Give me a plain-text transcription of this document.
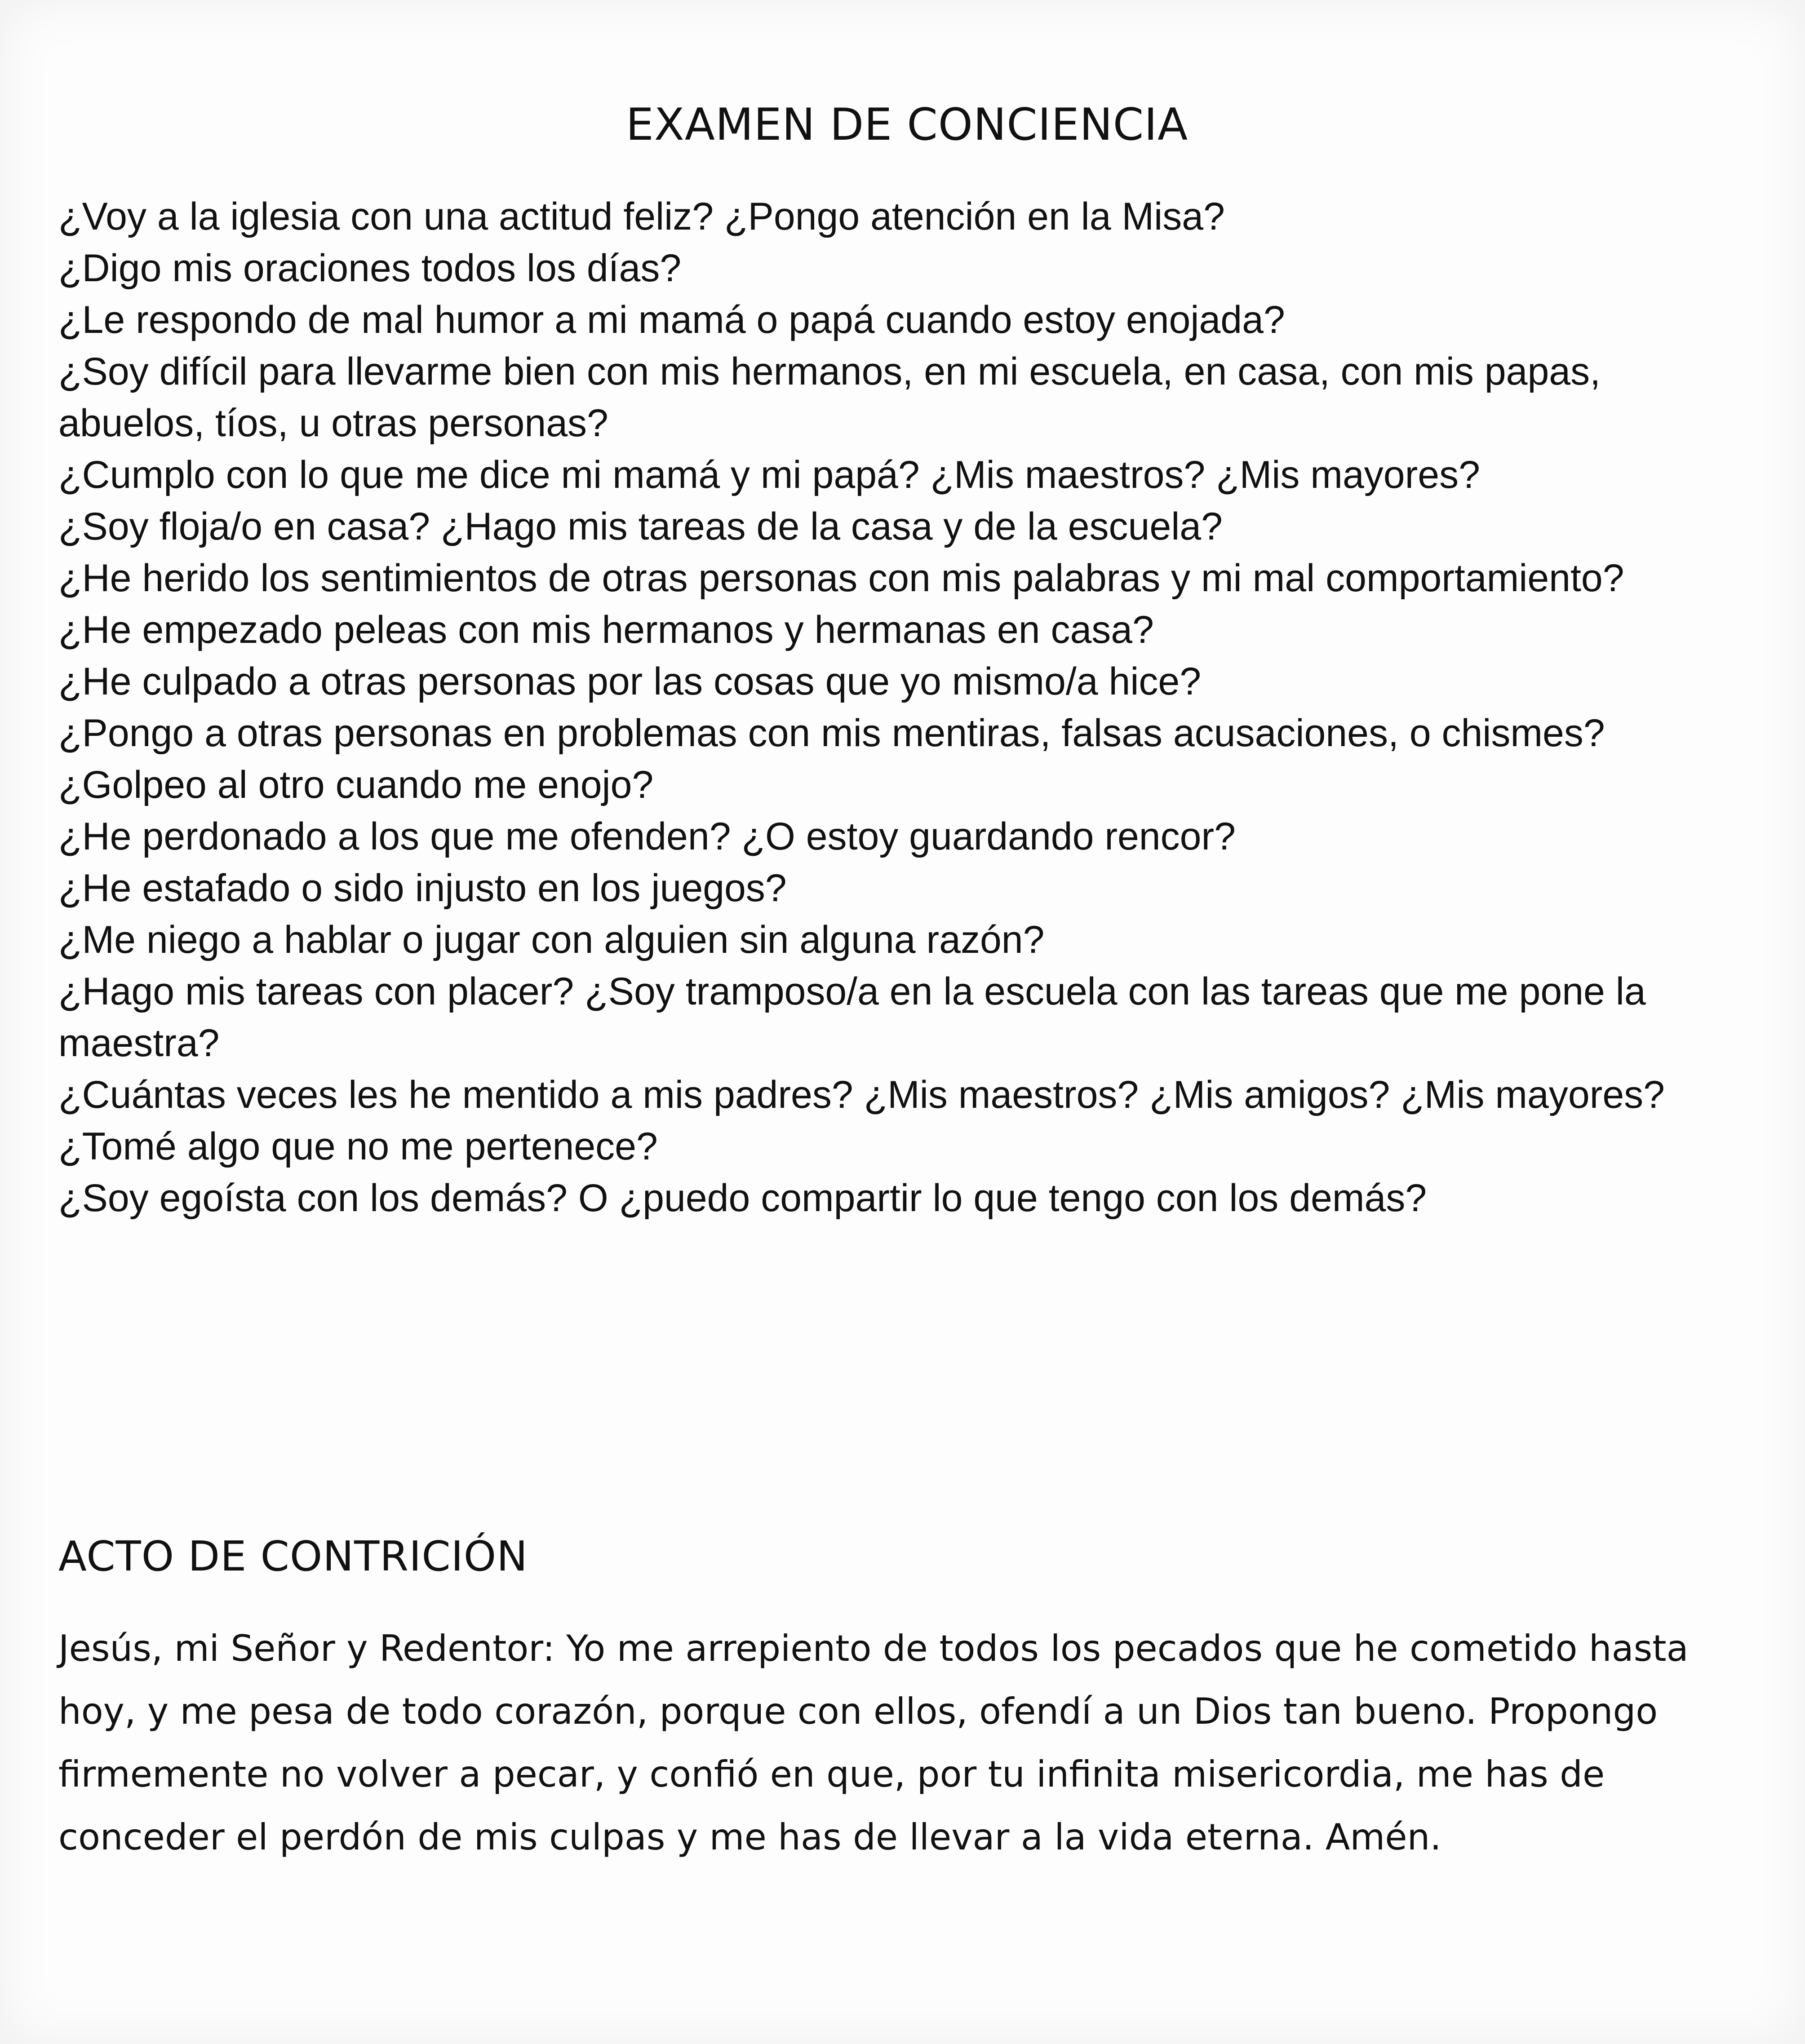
EXAMEN DE CONCIENCIA
¿Voy a la iglesia con una actitud feliz? ¿Pongo atención en la Misa?
¿Digo mis oraciones todos los días?
¿Le respondo de mal humor a mi mamá o papá cuando estoy enojada?
¿Soy difícil para llevarme bien con mis hermanos, en mi escuela, en casa, con mis papas, abuelos, tíos, u otras personas?
¿Cumplo con lo que me dice mi mamá y mi papá? ¿Mis maestros? ¿Mis mayores?
¿Soy floja/o en casa? ¿Hago mis tareas de la casa y de la escuela?
¿He herido los sentimientos de otras personas con mis palabras y mi mal comportamiento?
¿He empezado peleas con mis hermanos y hermanas en casa?
¿He culpado a otras personas por las cosas que yo mismo/a hice?
¿Pongo a otras personas en problemas con mis mentiras, falsas acusaciones, o chismes?
¿Golpeo al otro cuando me enojo?
¿He perdonado a los que me ofenden? ¿O estoy guardando rencor?
¿He estafado o sido injusto en los juegos?
¿Me niego a hablar o jugar con alguien sin alguna razón?
¿Hago mis tareas con placer? ¿Soy tramposo/a en la escuela con las tareas que me pone la maestra?
¿Cuántas veces les he mentido a mis padres? ¿Mis maestros? ¿Mis amigos? ¿Mis mayores?
¿Tomé algo que no me pertenece?
¿Soy egoísta con los demás? O ¿puedo compartir lo que tengo con los demás?
ACTO DE CONTRICIÓN

Jesús, mi Señor y Redentor: Yo me arrepiento de todos los pecados que he cometido hasta hoy, y me pesa de todo corazón, porque con ellos, ofendí a un Dios tan bueno. Propongo firmemente no volver a pecar, y confió en que, por tu infinita misericordia, me has de conceder el perdón de mis culpas y me has de llevar a la vida eterna. Amén.
